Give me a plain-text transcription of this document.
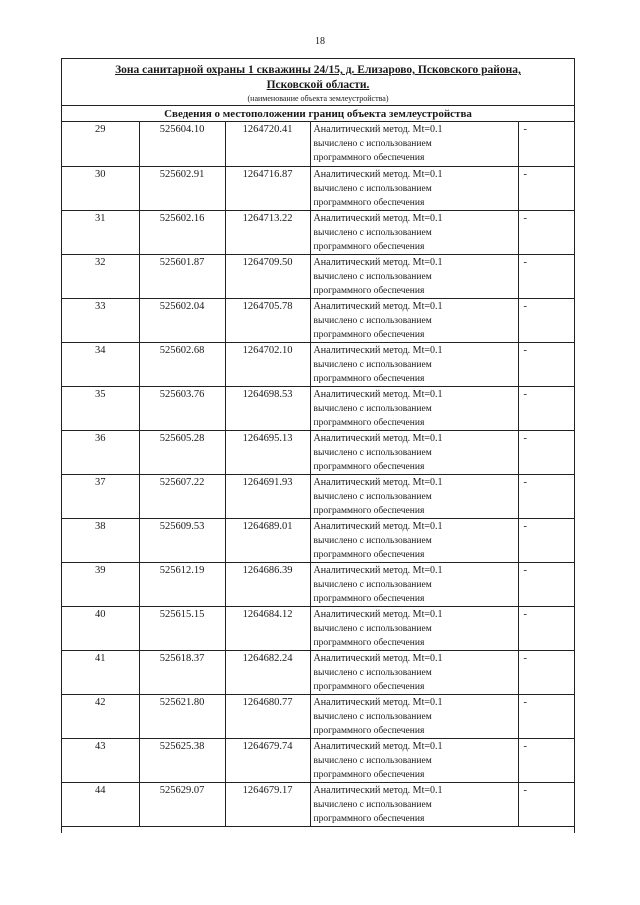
18
Зона санитарной охраны 1 скважины 24/15, д. Елизарово, Псковского района,
Псковской области.
(наименование объекта землеустройства)
Сведения о местоположении границ объекта землеустройства
29	525604.10	1264720.41	Аналитический метод. Mt=0.1
вычислено с использованием
программного обеспечения	-
30	525602.91	1264716.87	Аналитический метод. Mt=0.1
вычислено с использованием
программного обеспечения	-
31	525602.16	1264713.22	Аналитический метод. Mt=0.1
вычислено с использованием
программного обеспечения	-
32	525601.87	1264709.50	Аналитический метод. Mt=0.1
вычислено с использованием
программного обеспечения	-
33	525602.04	1264705.78	Аналитический метод. Mt=0.1
вычислено с использованием
программного обеспечения	-
34	525602.68	1264702.10	Аналитический метод. Mt=0.1
вычислено с использованием
программного обеспечения	-
35	525603.76	1264698.53	Аналитический метод. Mt=0.1
вычислено с использованием
программного обеспечения	-
36	525605.28	1264695.13	Аналитический метод. Mt=0.1
вычислено с использованием
программного обеспечения	-
37	525607.22	1264691.93	Аналитический метод. Mt=0.1
вычислено с использованием
программного обеспечения	-
38	525609.53	1264689.01	Аналитический метод. Mt=0.1
вычислено с использованием
программного обеспечения	-
39	525612.19	1264686.39	Аналитический метод. Mt=0.1
вычислено с использованием
программного обеспечения	-
40	525615.15	1264684.12	Аналитический метод. Mt=0.1
вычислено с использованием
программного обеспечения	-
41	525618.37	1264682.24	Аналитический метод. Mt=0.1
вычислено с использованием
программного обеспечения	-
42	525621.80	1264680.77	Аналитический метод. Mt=0.1
вычислено с использованием
программного обеспечения	-
43	525625.38	1264679.74	Аналитический метод. Mt=0.1
вычислено с использованием
программного обеспечения	-
44	525629.07	1264679.17	Аналитический метод. Mt=0.1
вычислено с использованием
программного обеспечения	-
